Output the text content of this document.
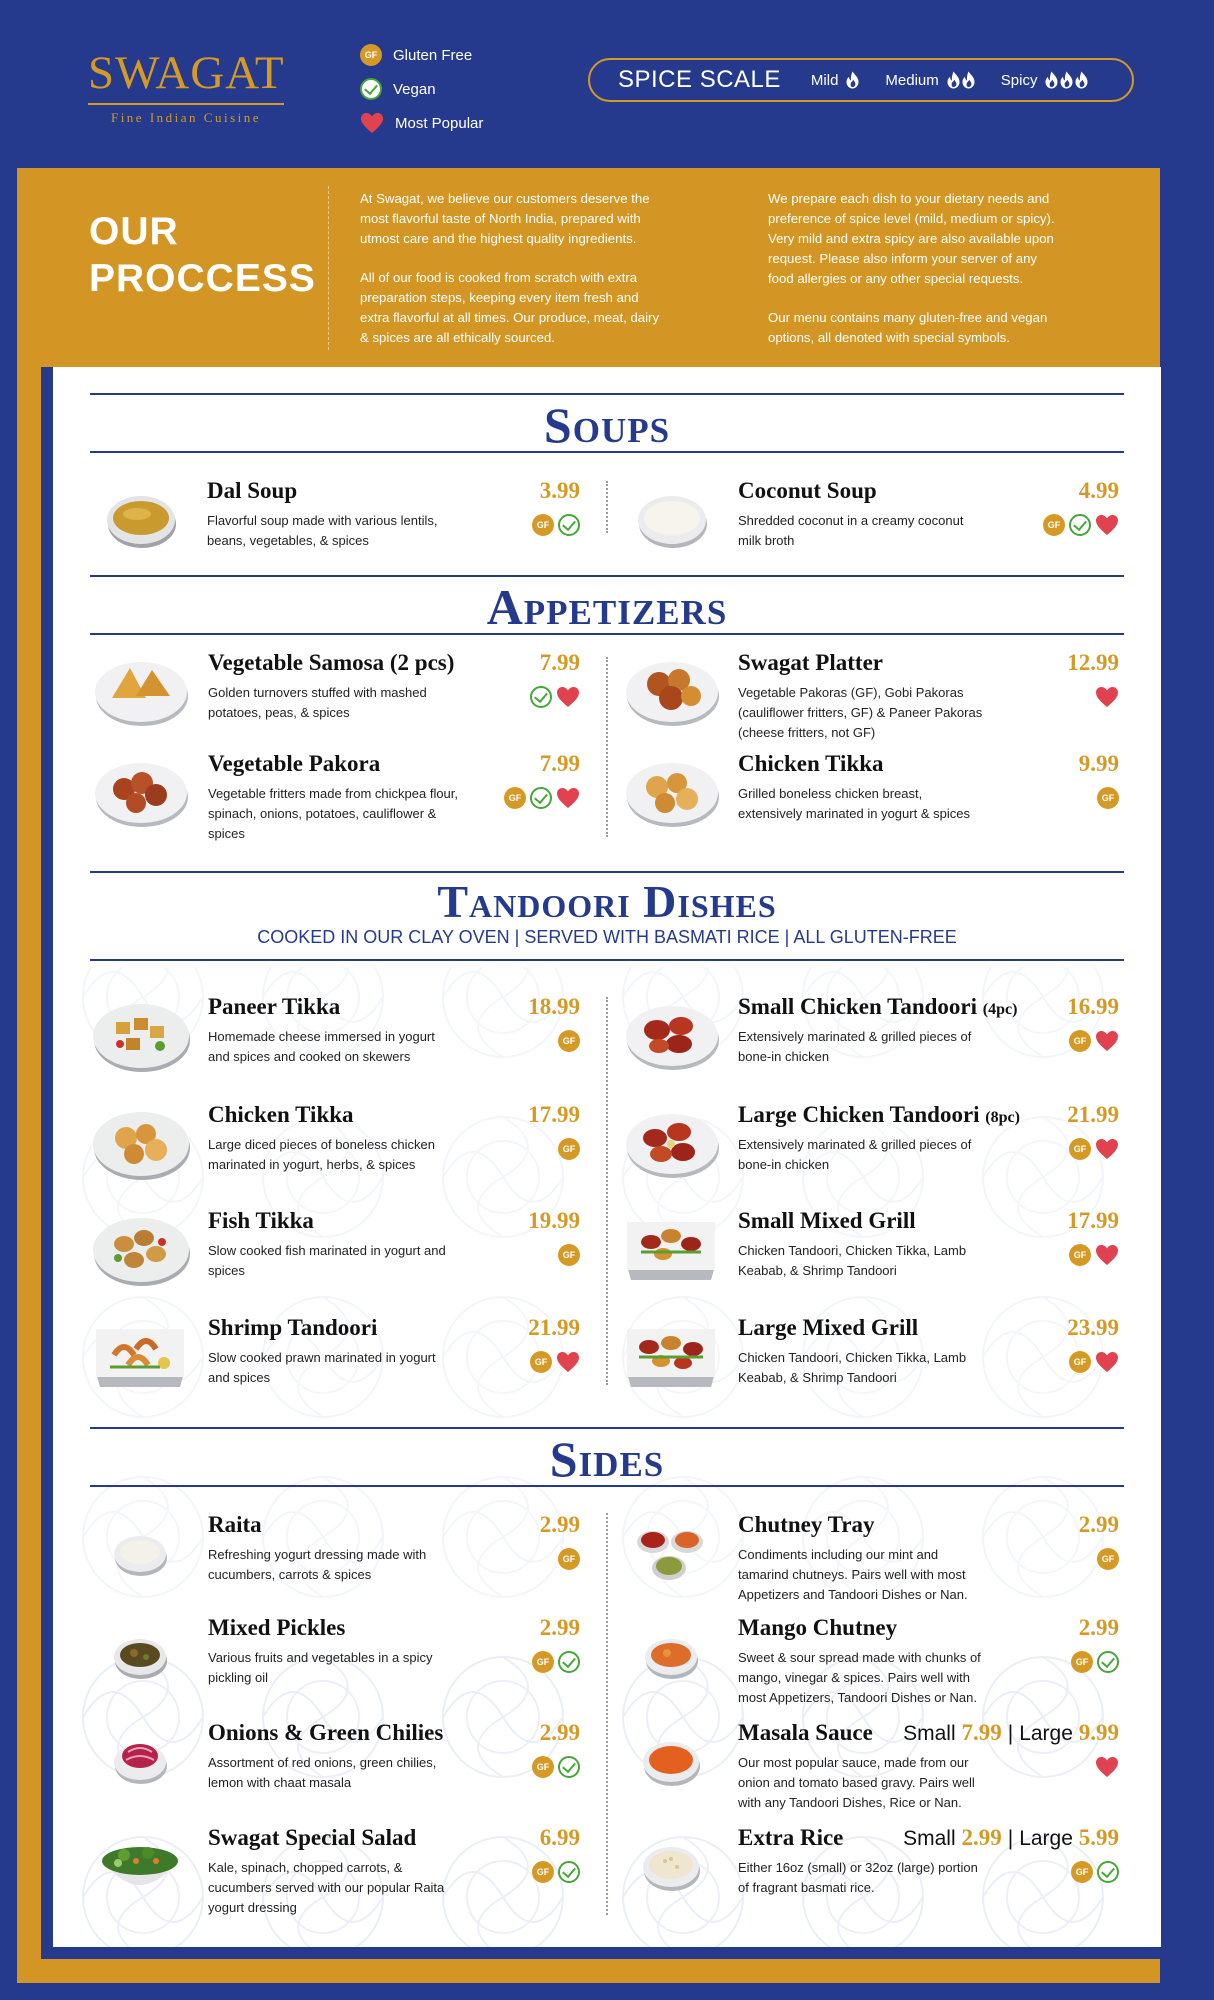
SWAGAT
Fine Indian Cuisine
GF	Gluten Free
Vegan
Most Popular
SPICE SCALE Mild	Medium	Spicy
OUR PROCCESS

At Swagat, we believe our customers deserve the most flavorful taste of North India, prepared with utmost care and the highest quality ingredients.

All of our food is cooked from scratch with extra preparation steps, keeping every item fresh and extra flavorful at all times. Our produce, meat, dairy & spices are all ethically sourced.

We prepare each dish to your dietary needs and preference of spice level (mild, medium or spicy). Very mild and extra spicy are also available upon request. Please also inform your server of any food allergies or any other special requests.

Our menu contains many gluten-free and vegan options, all denoted with special symbols.

Soups
Dal Soup	3.99
Flavorful soup made with various lentils, beans, vegetables, & spices
GF
Coconut Soup	4.99
Shredded coconut in a creamy coconut milk broth
GF
Appetizers
Vegetable Samosa (2 pcs)	7.99
Golden turnovers stuffed with mashed potatoes, peas, & spices
Swagat Platter	12.99
Vegetable Pakoras (GF), Gobi Pakoras (cauliflower fritters, GF) & Paneer Pakoras (cheese fritters, not GF)
Vegetable Pakora	7.99
Vegetable fritters made from chickpea flour, spinach, onions, potatoes, cauliflower & spices
GF
Chicken Tikka	9.99
Grilled boneless chicken breast, extensively marinated in yogurt & spices
GF
Tandoori Dishes
COOKED IN OUR CLAY OVEN | SERVED WITH BASMATI RICE | ALL GLUTEN-FREE
Paneer Tikka	18.99
Homemade cheese immersed in yogurt and spices and cooked on skewers
GF
Small Chicken Tandoori (4pc) 16.99
Extensively marinated & grilled pieces of bone-in chicken
GF
Chicken Tikka	17.99
Large diced pieces of boneless chicken marinated in yogurt, herbs, & spices
GF
Large Chicken Tandoori (8pc) 21.99
Extensively marinated & grilled pieces of bone-in chicken
GF
Fish Tikka	19.99
Slow cooked fish marinated in yogurt and spices
GF
Small Mixed Grill	17.99
Chicken Tandoori, Chicken Tikka, Lamb Keabab, & Shrimp Tandoori
GF
Shrimp Tandoori	21.99
Slow cooked prawn marinated in yogurt and spices
GF
Large Mixed Grill	23.99
Chicken Tandoori, Chicken Tikka, Lamb Keabab, & Shrimp Tandoori
GF
Sides
Raita	2.99
Refreshing yogurt dressing made with cucumbers, carrots & spices
GF
Chutney Tray	2.99
Condiments including our mint and tamarind chutneys. Pairs well with most Appetizers and Tandoori Dishes or Nan.
GF
Mixed Pickles	2.99
Various fruits and vegetables in a spicy pickling oil
GF
Mango Chutney	2.99
Sweet & sour spread made with chunks of mango, vinegar & spices. Pairs well with most Appetizers, Tandoori Dishes or Nan.
GF
Onions & Green Chilies	2.99
Assortment of red onions, green chilies, lemon with chaat masala
GF
Masala Sauce Small 7.99 | Large 9.99
Our most popular sauce, made from our onion and tomato based gravy. Pairs well with any Tandoori Dishes, Rice or Nan.
Swagat Special Salad	6.99
Kale, spinach, chopped carrots, & cucumbers served with our popular Raita yogurt dressing
GF
Extra Rice	Small 2.99 | Large 5.99
Either 16oz (small) or 32oz (large) portion of fragrant basmati rice.
GF
